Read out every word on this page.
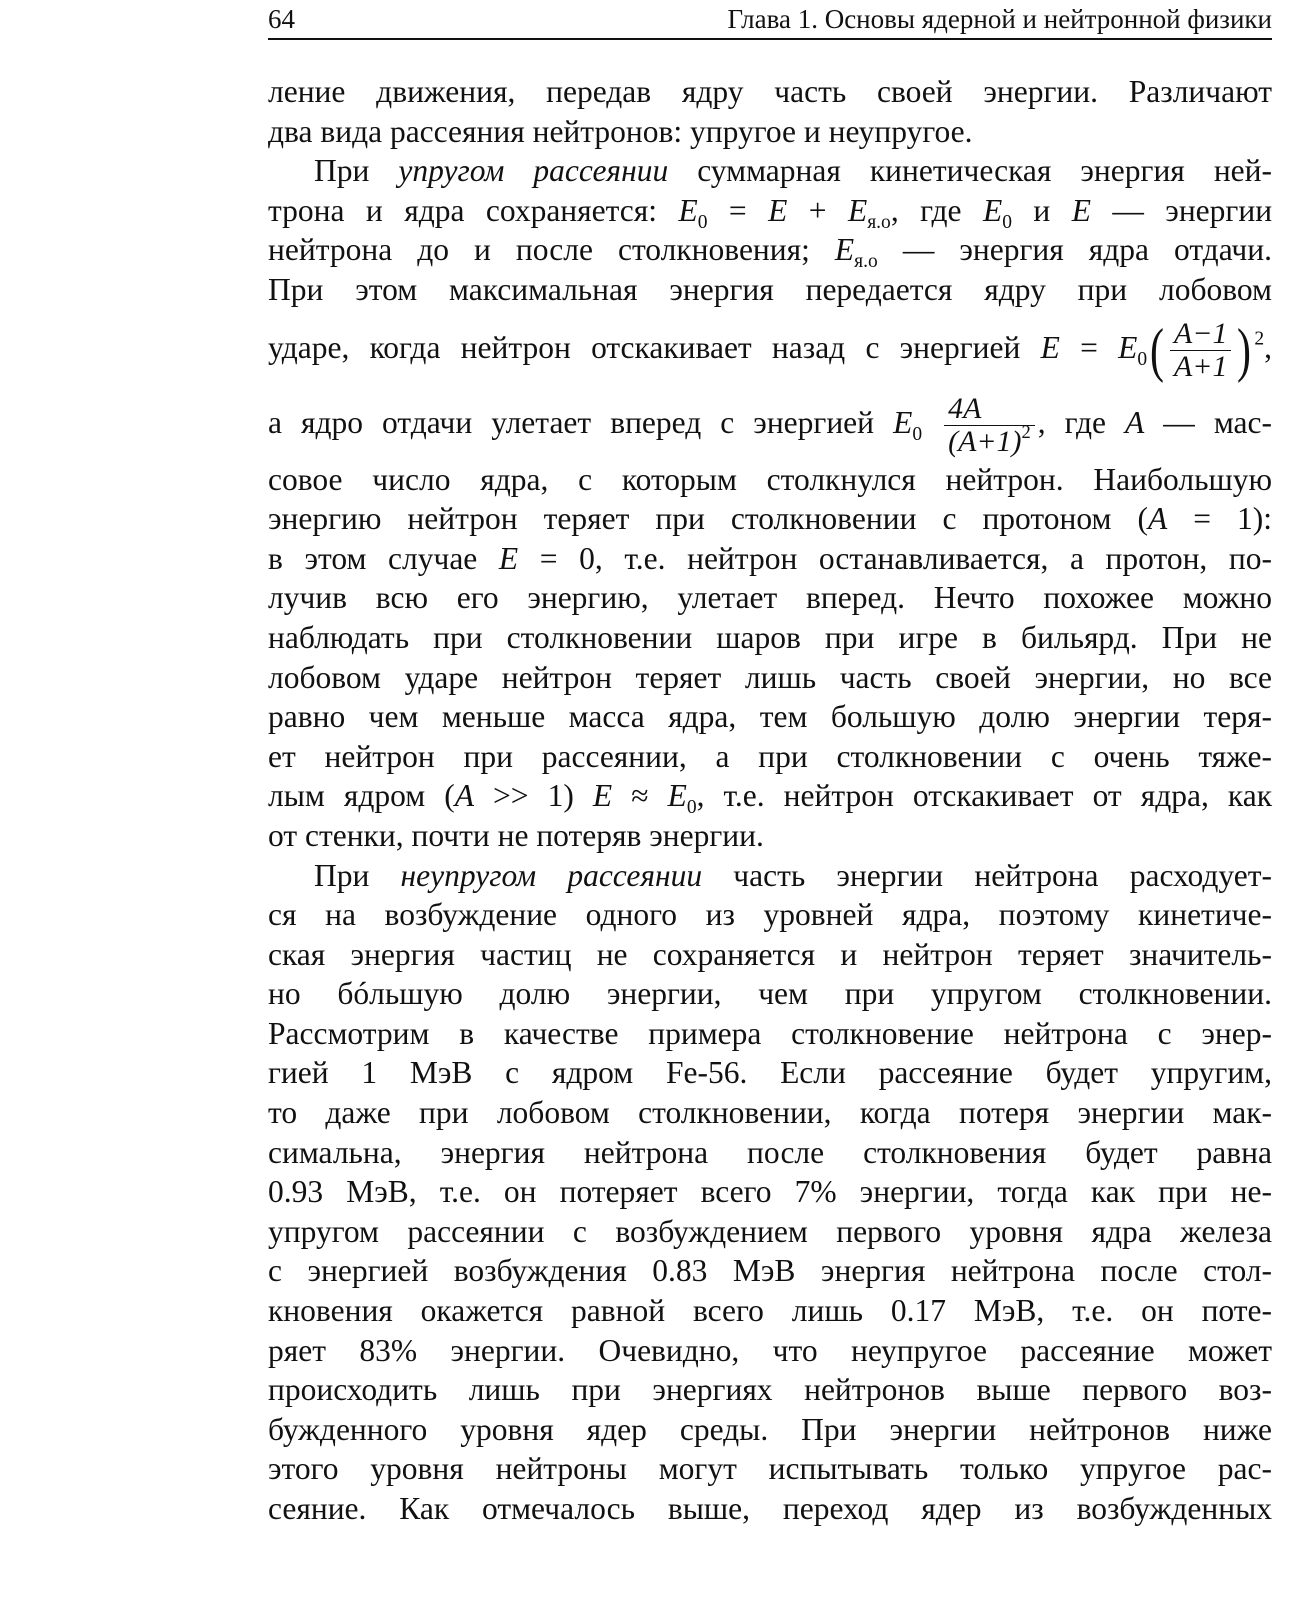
64	Глава 1. Основы ядерной и нейтронной физики
ление движения, передав ядру часть своей энергии. Различают
два вида рассеяния нейтронов: упругое и неупругое.
При упругом рассеянии суммарная кинетическая энергия ней-
трона и ядра сохраняется: $E_0 = E + E_{я.о}$, где $E_0$ и E — энергии
нейтрона до и после столкновения; $E_{я.о}$ — энергия ядра отдачи.
При этом максимальная энергия передается ядру при лобовом
ударе, когда нейтрон отскакивает назад с энергией $E = E_0( \frac{A-1}{A+1}$ ) $^2$,
а ядро отдачи улетает вперед с энергией $E_0 \frac{4A}{(A+1)^2}$ , где A — мас-
совое число ядра, с которым столкнулся нейтрон. Наибольшую
энергию нейтрон теряет при столкновении с протоном (A = 1):
в этом случае E = 0, т.е. нейтрон останавливается, а протон, по-
лучив всю его энергию, улетает вперед. Нечто похожее можно
наблюдать при столкновении шаров при игре в бильярд. При не
лобовом ударе нейтрон теряет лишь часть своей энергии, но все
равно чем меньше масса ядра, тем большую долю энергии теря-
ет нейтрон при рассеянии, а при столкновении с очень тяже-
лым ядром (A >> 1) $E \approx E_0$, т.е. нейтрон отскакивает от ядра, как
от стенки, почти не потеряв энергии.
При неупругом рассеянии часть энергии нейтрона расходует-
ся на возбуждение одного из уровней ядра, поэтому кинетиче-
ская энергия частиц не сохраняется и нейтрон теряет значитель-
но бóльшую долю энергии, чем при упругом столкновении.
Рассмотрим в качестве примера столкновение нейтрона с энер-
гией 1 МэВ с ядром Fe-56. Если рассеяние будет упругим,
то даже при лобовом столкновении, когда потеря энергии мак-
симальна, энергия нейтрона после столкновения будет равна
0.93 МэВ, т.е. он потеряет всего 7% энергии, тогда как при не-
упругом рассеянии с возбуждением первого уровня ядра железа
с энергией возбуждения 0.83 МэВ энергия нейтрона после стол-
кновения окажется равной всего лишь 0.17 МэВ, т.е. он поте-
ряет 83% энергии. Очевидно, что неупругое рассеяние может
происходить лишь при энергиях нейтронов выше первого воз-
бужденного уровня ядер среды. При энергии нейтронов ниже
этого уровня нейтроны могут испытывать только упругое рас-
сеяние. Как отмечалось выше, переход ядер из возбужденных
